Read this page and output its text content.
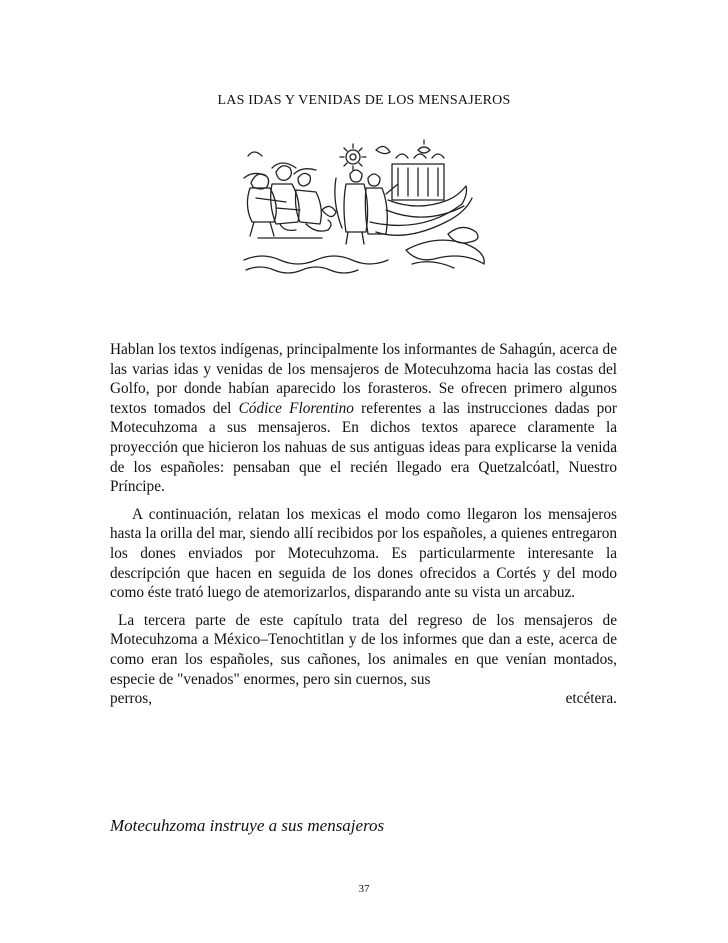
LAS IDAS Y VENIDAS DE LOS MENSAJEROS

Hablan los textos indígenas, principalmente los informantes de Sahagún, acerca de las varias idas y venidas de los mensajeros de Motecuhzoma hacia las costas del Golfo, por donde habían aparecido los forasteros. Se ofrecen primero algunos textos tomados del Códice Florentino referentes a las instrucciones dadas por Motecuhzoma a sus mensajeros. En dichos textos aparece claramente la proyección que hicieron los nahuas de sus antiguas ideas para explicarse la venida de los españoles: pensaban que el recién llegado era Quetzalcóatl, Nuestro Príncipe.

A continuación, relatan los mexicas el modo como llegaron los mensajeros hasta la orilla del mar, siendo allí recibidos por los españoles, a quienes entregaron los dones enviados por Motecuhzoma. Es particularmente interesante la descripción que hacen en seguida de los dones ofrecidos a Cortés y del modo como éste trató luego de atemorizarlos, disparando ante su vista un arcabuz.

La tercera parte de este capítulo trata del regreso de los mensajeros de Motecuhzoma a México–Tenochtitlan y de los informes que dan a este, acerca de como eran los españoles, sus cañones, los animales en que venían montados, especie de "venados" enormes, pero sin cuernos, sus

perros,	etcétera.
Motecuhzoma instruye a sus mensajeros
37
